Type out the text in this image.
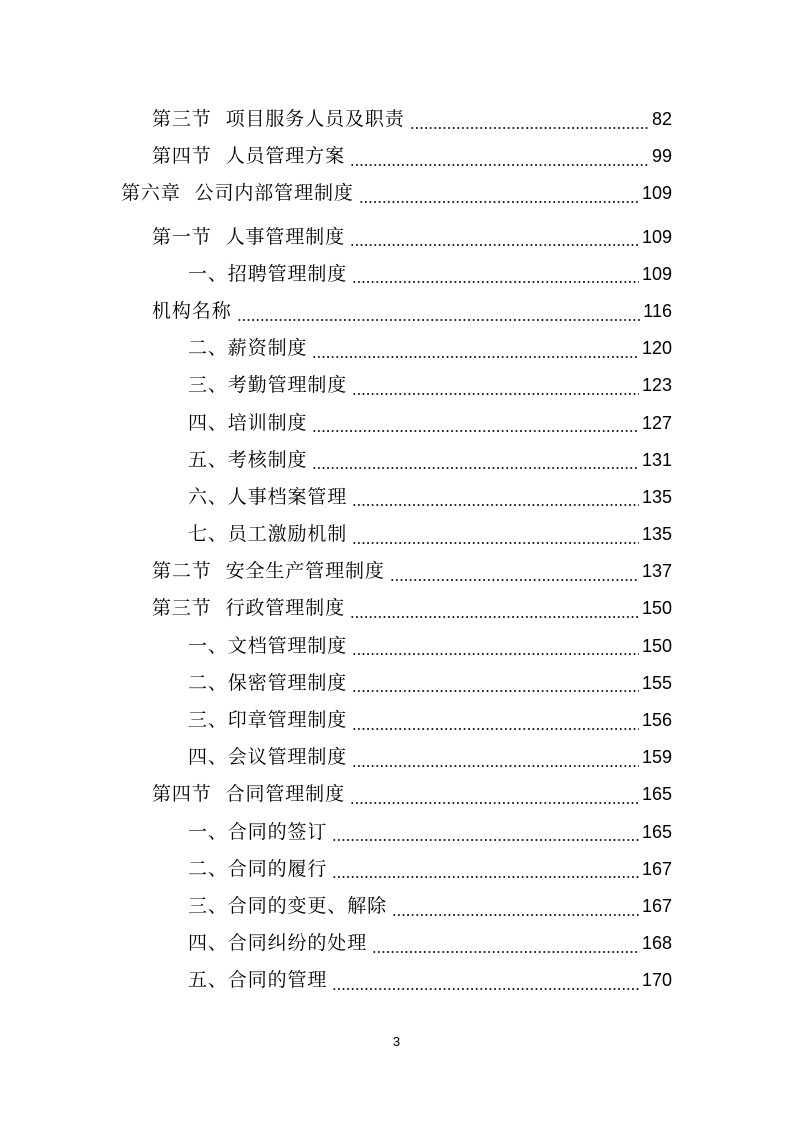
第三节  项目服务人员及职责	82
第四节  人员管理方案	99
第六章  公司内部管理制度	109
第一节  人事管理制度	109
一、招聘管理制度	109
机构名称	116
二、薪资制度	120
三、考勤管理制度	123
四、培训制度	127
五、考核制度	131
六、人事档案管理	135
七、员工激励机制	135
第二节  安全生产管理制度	137
第三节  行政管理制度	150
一、文档管理制度	150
二、保密管理制度	155
三、印章管理制度	156
四、会议管理制度	159
第四节  合同管理制度	165
一、合同的签订	165
二、合同的履行	167
三、合同的变更、解除	167
四、合同纠纷的处理	168
五、合同的管理	170
3
